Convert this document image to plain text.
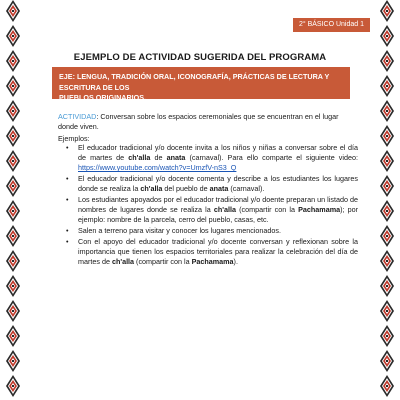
2° BÁSICO Unidad 1
EJEMPLO DE ACTIVIDAD SUGERIDA DEL PROGRAMA
EJE: LENGUA, TRADICIÓN ORAL, ICONOGRAFÍA, PRÁCTICAS DE LECTURA Y ESCRITURA DE LOS
PUEBLOS ORIGINARIOS.
ACTIVIDAD: Conversan sobre los espacios ceremoniales que se encuentran en el lugar donde viven.
Ejemplos:
• El educador tradicional y/o docente invita a los niños y niñas a conversar sobre el día de martes de ch'alla de anata (carnaval). Para ello comparte el siguiente video: https://www.youtube.com/watch?v=UmzfV-nS3_Q
• El educador tradicional y/o docente comenta y describe a los estudiantes los lugares donde se realiza la ch'alla del pueblo de anata (carnaval).
• Los estudiantes apoyados por el educador tradicional y/o doente preparan un listado de nombres de lugares donde se realiza la ch'alla (compartir con la Pachamama); por ejemplo: nombre de la parcela, cerro del pueblo, casas, etc.
• Salen a terreno para visitar y conocer los lugares mencionados.
• Con el apoyo del educador tradicional y/o docente conversan y reflexionan sobre la importancia que tienen los espacios territoriales para realizar la celebración del día de martes de ch'alla (compartir con la Pachamama).
